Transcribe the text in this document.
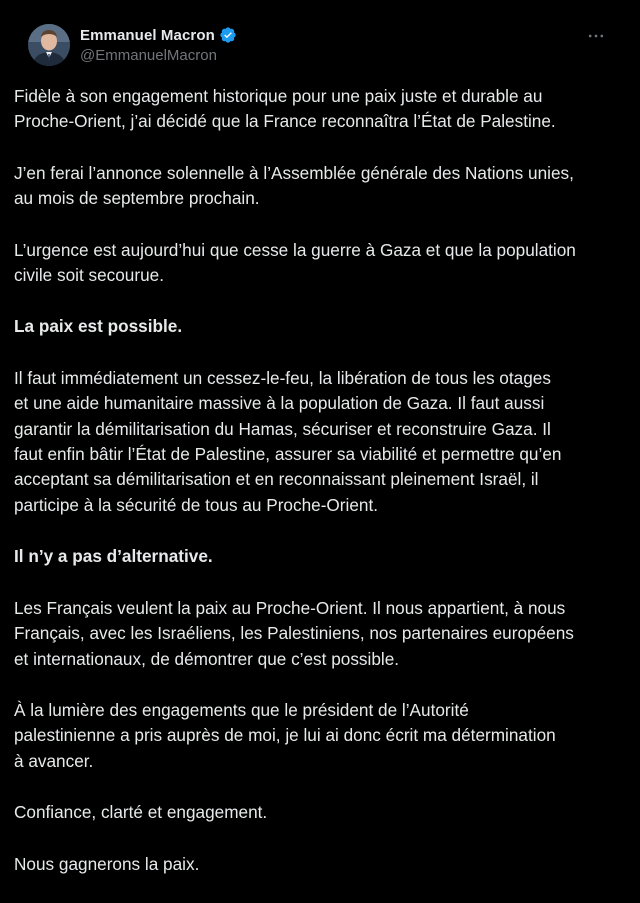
Emmanuel Macron
@EmmanuelMacron

Fidèle à son engagement historique pour une paix juste et durable au
Proche-Orient, j’ai décidé que la France reconnaîtra l’État de Palestine.

J’en ferai l’annonce solennelle à l’Assemblée générale des Nations unies,
au mois de septembre prochain.

L’urgence est aujourd’hui que cesse la guerre à Gaza et que la population
civile soit secourue.

La paix est possible.

Il faut immédiatement un cessez-le-feu, la libération de tous les otages
et une aide humanitaire massive à la population de Gaza. Il faut aussi
garantir la démilitarisation du Hamas, sécuriser et reconstruire Gaza. Il
faut enfin bâtir l’État de Palestine, assurer sa viabilité et permettre qu’en
acceptant sa démilitarisation et en reconnaissant pleinement Israël, il
participe à la sécurité de tous au Proche-Orient.

Il n’y a pas d’alternative.

Les Français veulent la paix au Proche-Orient. Il nous appartient, à nous
Français, avec les Israéliens, les Palestiniens, nos partenaires européens
et internationaux, de démontrer que c’est possible.

À la lumière des engagements que le président de l’Autorité
palestinienne a pris auprès de moi, je lui ai donc écrit ma détermination
à avancer.

Confiance, clarté et engagement.

Nous gagnerons la paix.
